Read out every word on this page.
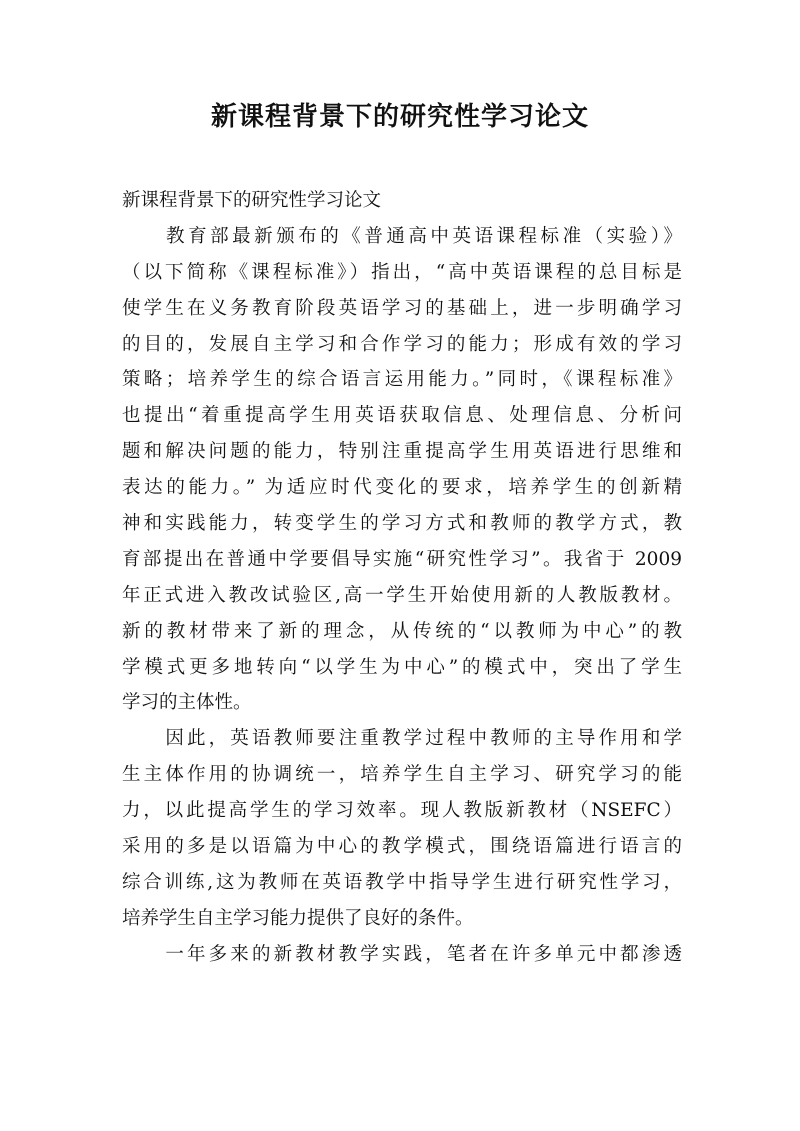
新课程背景下的研究性学习论文
新课程背景下的研究性学习论文
　　教育部最新颁布的《普通高中英语课程标准（实验）》
（以下简称《课程标准》）指出，“高中英语课程的总目标是
使学生在义务教育阶段英语学习的基础上，进一步明确学习
的目的，发展自主学习和合作学习的能力；形成有效的学习
策略；培养学生的综合语言运用能力。”同时，《课程标准》
也提出“着重提高学生用英语获取信息、处理信息、分析问
题和解决问题的能力，特别注重提高学生用英语进行思维和
表达的能力。” 为适应时代变化的要求，培养学生的创新精
神和实践能力，转变学生的学习方式和教师的教学方式，教
育部提出在普通中学要倡导实施“研究性学习”。我省于 2009
年正式进入教改试验区,高一学生开始使用新的人教版教材。
新的教材带来了新的理念，从传统的“以教师为中心”的教
学模式更多地转向“以学生为中心”的模式中，突出了学生
学习的主体性。
　　因此，英语教师要注重教学过程中教师的主导作用和学
生主体作用的协调统一，培养学生自主学习、研究学习的能
力，以此提高学生的学习效率。现人教版新教材（NSEFC）
采用的多是以语篇为中心的教学模式，围绕语篇进行语言的
综合训练,这为教师在英语教学中指导学生进行研究性学习，
培养学生自主学习能力提供了良好的条件。
　　一年多来的新教材教学实践，笔者在许多单元中都渗透
